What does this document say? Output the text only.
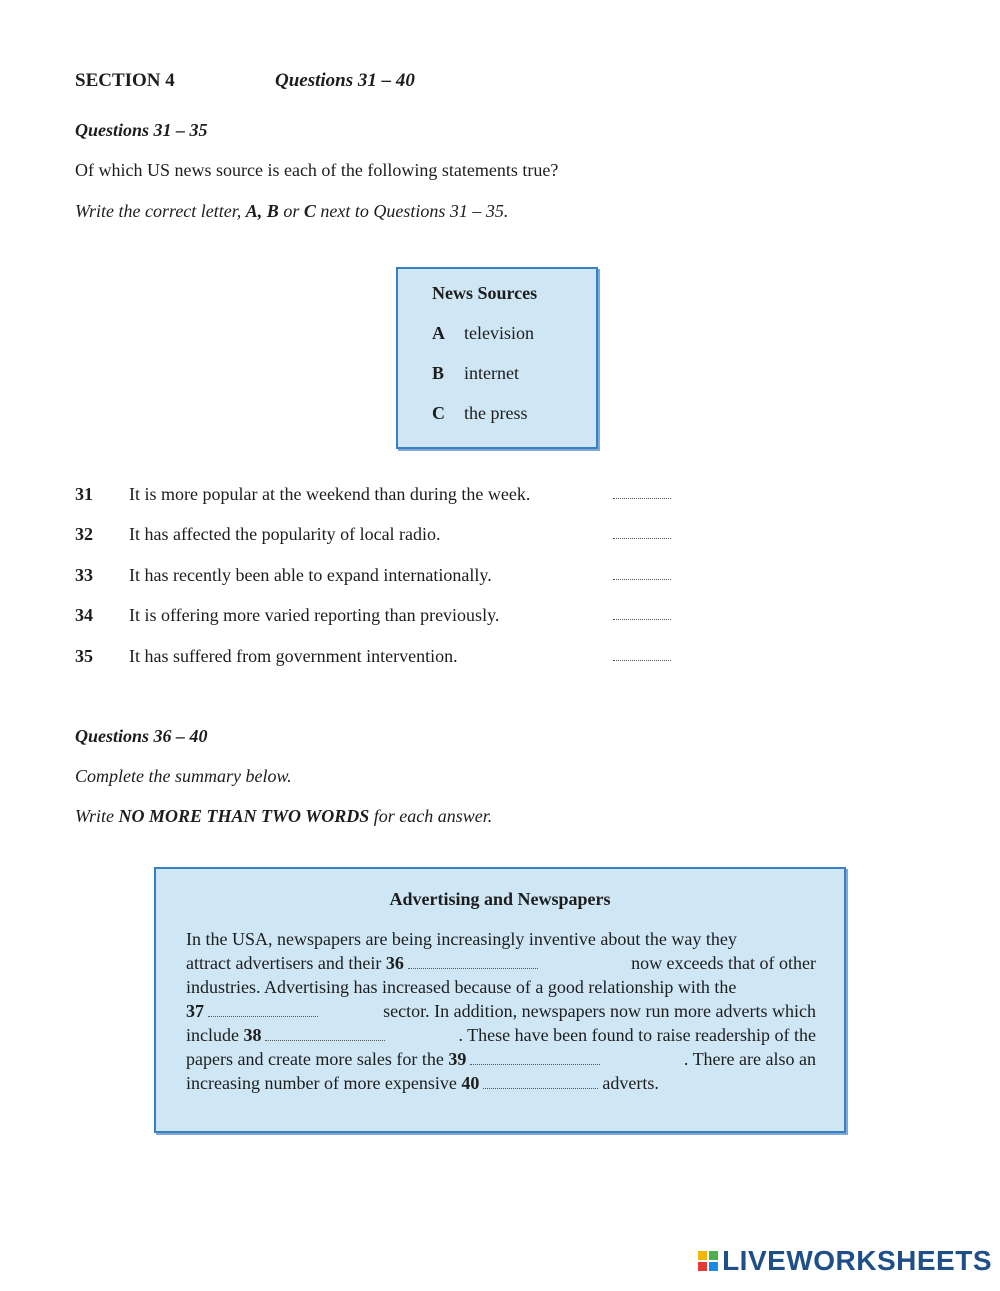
SECTION 4	Questions 31 – 40
Questions 31 – 35
Of which US news source is each of the following statements true?
Write the correct letter, A, B or C next to Questions 31 – 35.
News Sources
A television
B internet
C the press
31 It is more popular at the weekend than during the week.
32 It has affected the popularity of local radio.
33 It has recently been able to expand internationally.
34 It is offering more varied reporting than previously.
35 It has suffered from government intervention.
Questions 36 – 40
Complete the summary below.
Write NO MORE THAN TWO WORDS for each answer.
Advertising and Newspapers
In the USA, newspapers are being increasingly inventive about the way they
attract advertisers and their 36	now exceeds that of other
industries. Advertising has increased because of a good relationship with the
37	sector. In addition, newspapers now run more adverts which
include 38	. These have been found to raise readership of the
papers and create more sales for the 39	. There are also an
increasing number of more expensive 40	adverts.
LIVEWORKSHEETS
